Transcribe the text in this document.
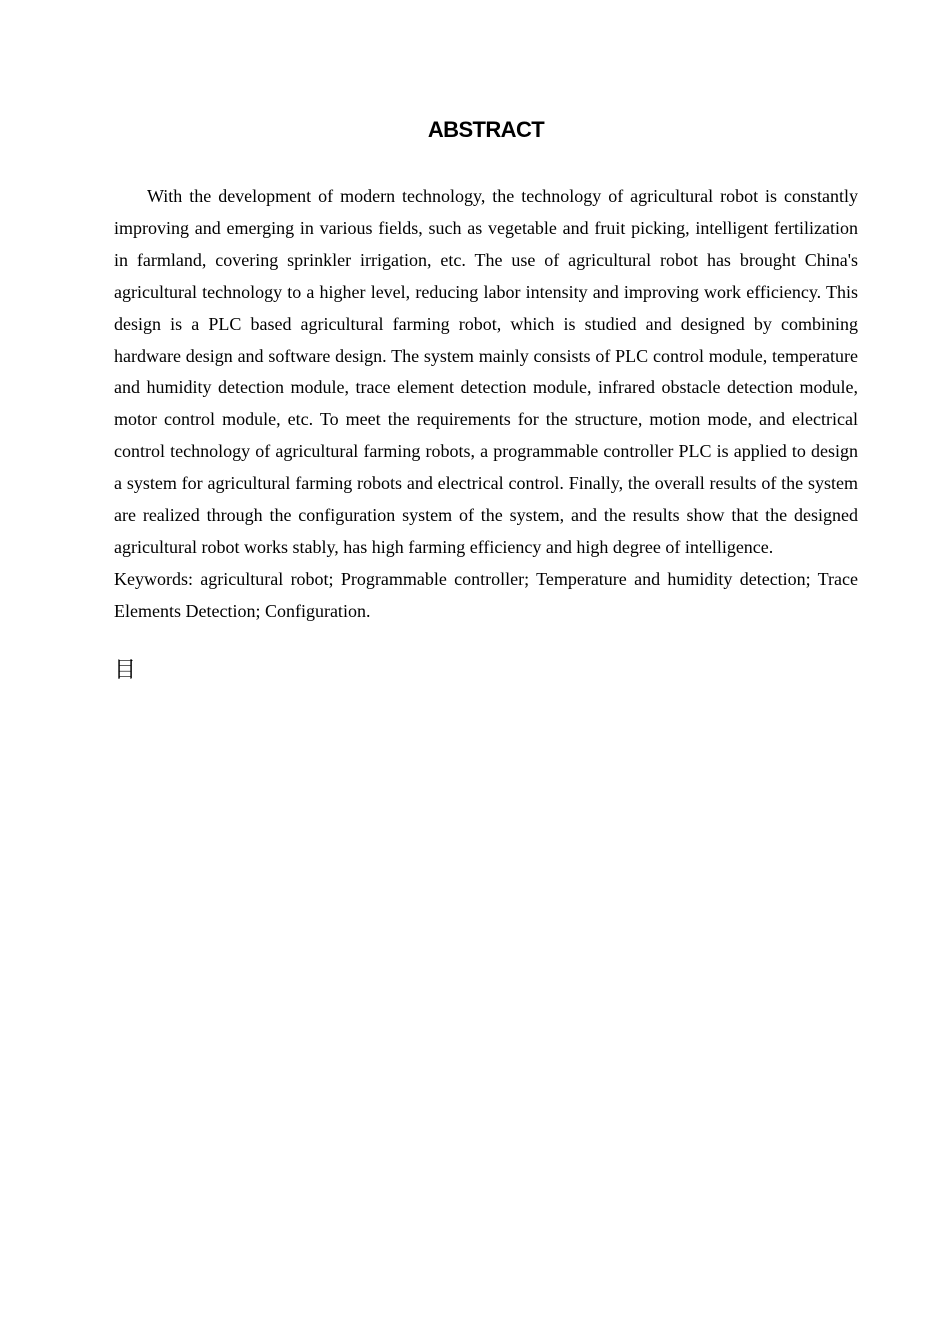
ABSTRACT

With the development of modern technology, the technology of agricultural robot is constantly improving and emerging in various fields, such as vegetable and fruit picking, intelligent fertilization in farmland, covering sprinkler irrigation, etc. The use of agricultural robot has brought China's agricultural technology to a higher level, reducing labor intensity and improving work efficiency. This design is a PLC based agricultural farming robot, which is studied and designed by combining hardware design and software design. The system mainly consists of PLC control module, temperature and humidity detection module, trace element detection module, infrared obstacle detection module, motor control module, etc. To meet the requirements for the structure, motion mode, and electrical control technology of agricultural farming robots, a programmable controller PLC is applied to design a system for agricultural farming robots and electrical control. Finally, the overall results of the system are realized through the configuration system of the system, and the results show that the designed agricultural robot works stably, has high farming efficiency and high degree of intelligence.

Keywords: agricultural robot; Programmable controller; Temperature and humidity detection; Trace Elements Detection; Configuration.

目
